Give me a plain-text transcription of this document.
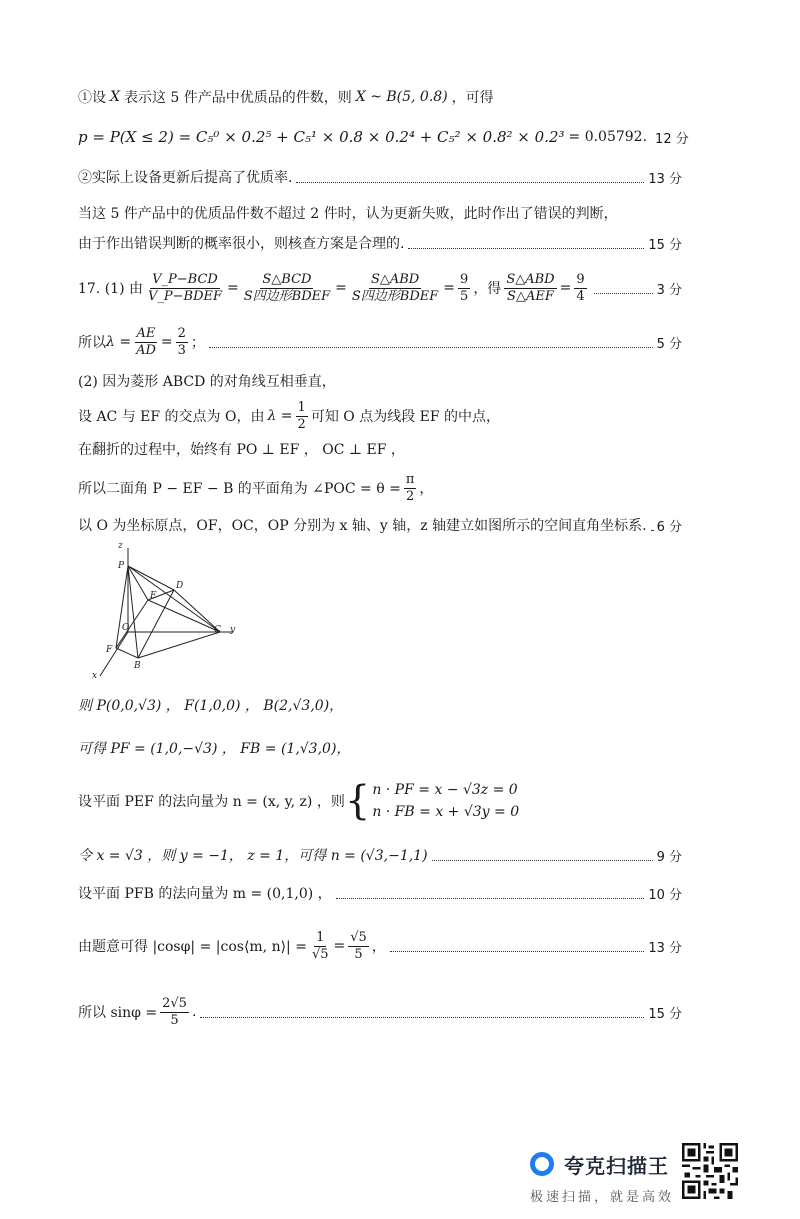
①设 X 表示这 5 件产品中优质品的件数，则 X ~ B(5, 0.8) ，可得
p = P(X ≤ 2) = C₅⁰ × 0.2⁵ + C₅¹ × 0.8 × 0.2⁴ + C₅² × 0.8² × 0.2³ = 0.05792. 12 分
②实际上设备更新后提高了优质率.	13 分
当这 5 件产品中的优质品件数不超过 2 件时，认为更新失败，此时作出了错误的判断，
由于作出错误判断的概率很小，则核查方案是合理的.	15 分
17. (1) 由 $\frac{\text{V\_P−BCD}}{\text{V\_P−BDEF}} = \frac{\text{S△BCD}}{\text{S四边形BDEF}} = \frac{\text{S△ABD}}{\text{S四边形BDEF}} = \frac{9}{5}$ ，得 $\frac{\text{S△ABD}}{\text{S△AEF}} = \frac{9}{4}$	3 分
所以 $\lambda = \frac{AE}{AD} = \frac{2}{3}$ ；	5 分
(2) 因为菱形 ABCD 的对角线互相垂直，
设 AC 与 EF 的交点为 O，由 $\lambda = \frac{1}{2}$ 可知 O 点为线段 EF 的中点，
在翻折的过程中，始终有 PO ⊥ EF ， OC ⊥ EF ，
所以二面角 P − EF − B 的平面角为 ∠POC = $\theta = \frac{\pi}{2}$ ，
以 O 为坐标原点，OF，OC，OP 分别为 x 轴、y 轴，z 轴建立如图所示的空间直角坐标系. 6 分
z
P
D
E
O	C y
F
B
x
则 P(0,0,√3) ， F(1,0,0) ， B(2,√3,0)，
可得 PF = (1,0,−√3) ， FB = (1,√3,0)，
设平面 PEF 的法向量为 n = (x, y, z) ，则 { n · PF = x − √3z = 0
n · FB = x + √3y = 0
令 x = √3 ，则 y = −1， z = 1，可得 n = (√3,−1,1)	9 分
设平面 PFB 的法向量为 m = (0,1,0) ，	10 分
由题意可得 |cosφ| = |cos⟨m, n⟩| = $\frac{1}{√5} = \frac{√5}{5}$ ，	13 分
所以 $\sin\varphi = \frac{2√5}{5}$ .	15 分
夸克扫描王
极速扫描，就是高效
